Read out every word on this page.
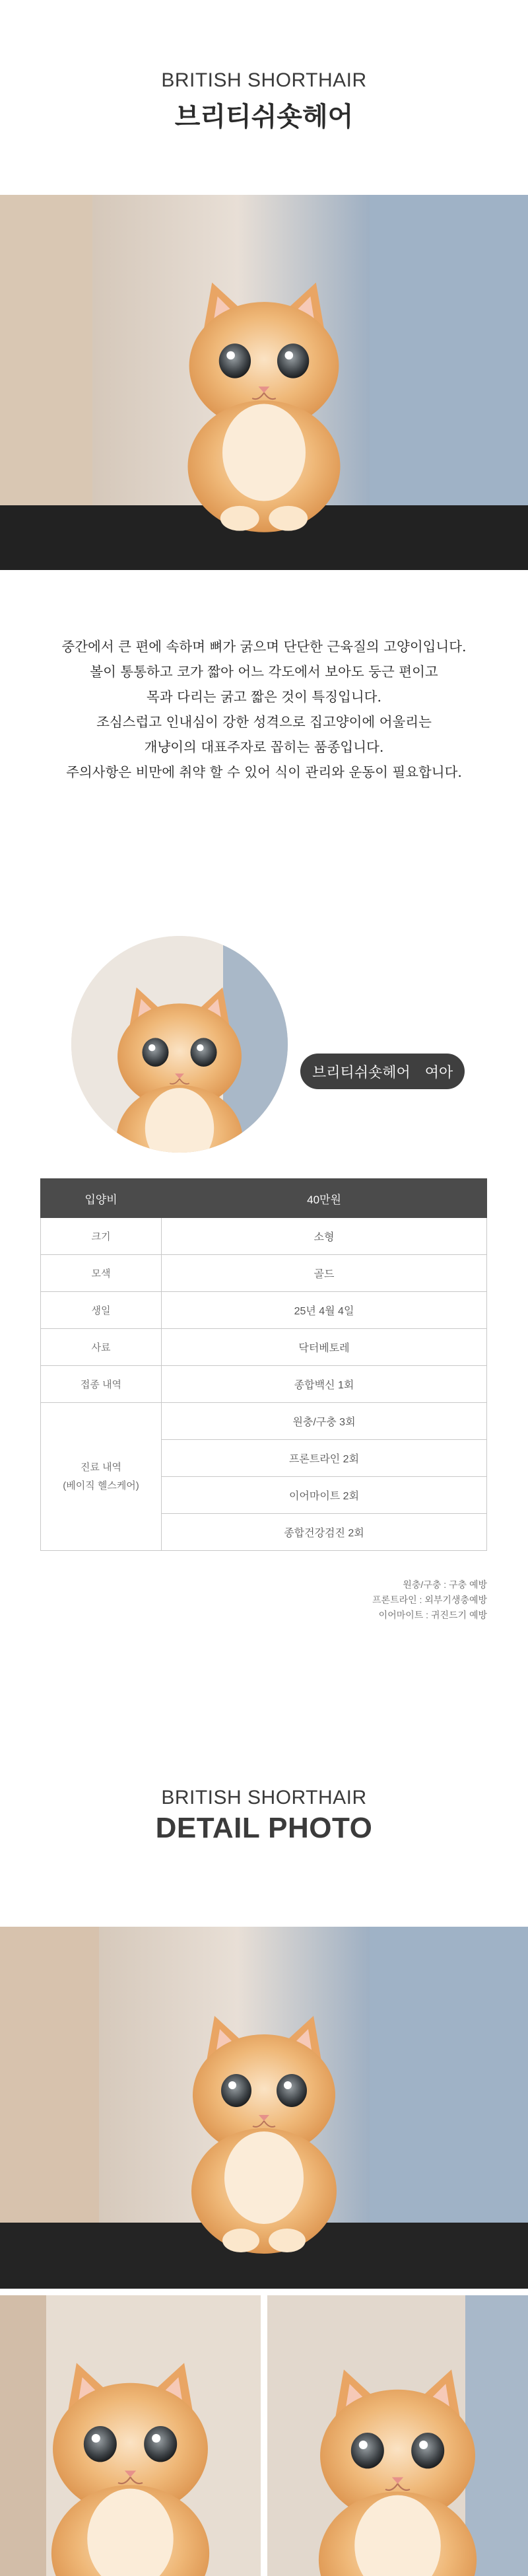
BRITISH SHORTHAIR
브리티쉬숏헤어
중간에서 큰 편에 속하며 뼈가 굵으며 단단한 근육질의 고양이입니다.
볼이 통통하고 코가 짧아 어느 각도에서 보아도 둥근 편이고
목과 다리는 굵고 짧은 것이 특징입니다.
조심스럽고 인내심이 강한 성격으로 집고양이에 어울리는
개냥이의 대표주자로 꼽히는 품종입니다.
주의사항은 비만에 취약 할 수 있어 식이 관리와 운동이 필요합니다.
브리티쉬숏헤어 여아
입양비	40만원
크기	소형
모색	골드
생일	25년 4월 4일
사료	닥터베토레
접종 내역	종합백신 1회

진료 내역
(베이직 헬스케어)	원충/구충 3회
	프론트라인 2회
	이어마이트 2회
	종합건강검진 2회
원충/구충 : 구충 예방
프론트라인 : 외부기생충예방
이어마이트 : 귀진드기 예방
BRITISH SHORTHAIR
DETAIL PHOTO
